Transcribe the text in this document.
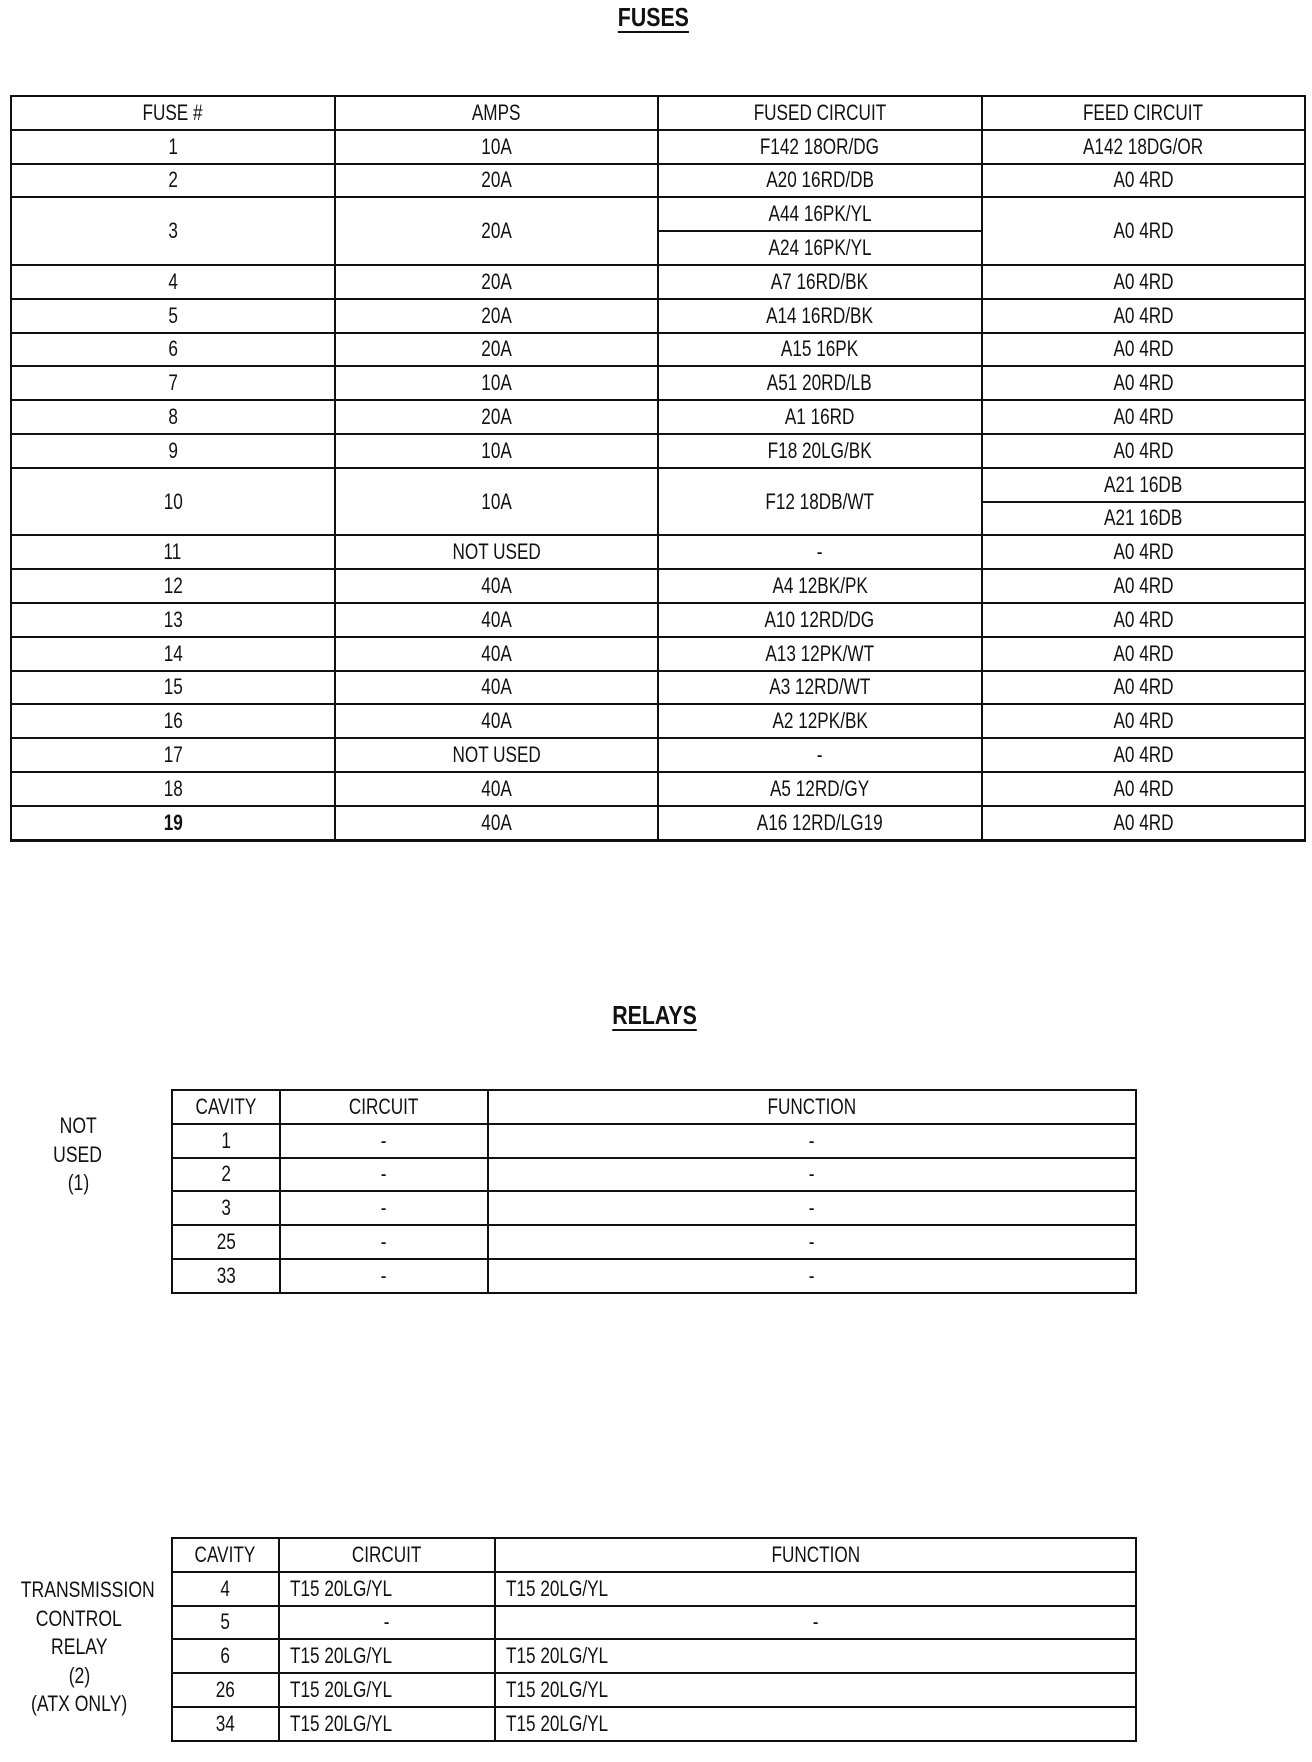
FUSES
FUSE #	AMPS	FUSED CIRCUIT	FEED CIRCUIT
1	10A	F142 18OR/DG	A142 18DG/OR
2	20A	A20 16RD/DB	A0 4RD
3	20A	A44 16PK/YL	A0 4RD
		A24 16PK/YL	
4	20A	A7 16RD/BK	A0 4RD
5	20A	A14 16RD/BK	A0 4RD
6	20A	A15 16PK	A0 4RD
7	10A	A51 20RD/LB	A0 4RD
8	20A	A1 16RD	A0 4RD
9	10A	F18 20LG/BK	A0 4RD
10	10A	F12 18DB/WT	A21 16DB
			A21 16DB
11	NOT USED	-	A0 4RD
12	40A	A4 12BK/PK	A0 4RD
13	40A	A10 12RD/DG	A0 4RD
14	40A	A13 12PK/WT	A0 4RD
15	40A	A3 12RD/WT	A0 4RD
16	40A	A2 12PK/BK	A0 4RD
17	NOT USED	-	A0 4RD
18	40A	A5 12RD/GY	A0 4RD
19	40A	A16 12RD/LG19	A0 4RD
RELAYS
NOT
USED
(1)
CAVITY	CIRCUIT	FUNCTION
1	-	-
2	-	-
3	-	-
25	-	-
33	-	-
TRANSMISSION
CONTROL
RELAY
(2)
(ATX ONLY)
CAVITY	CIRCUIT	FUNCTION
4	T15 20LG/YL	T15 20LG/YL
5	-	-
6	T15 20LG/YL	T15 20LG/YL
26	T15 20LG/YL	T15 20LG/YL
34	T15 20LG/YL	T15 20LG/YL
